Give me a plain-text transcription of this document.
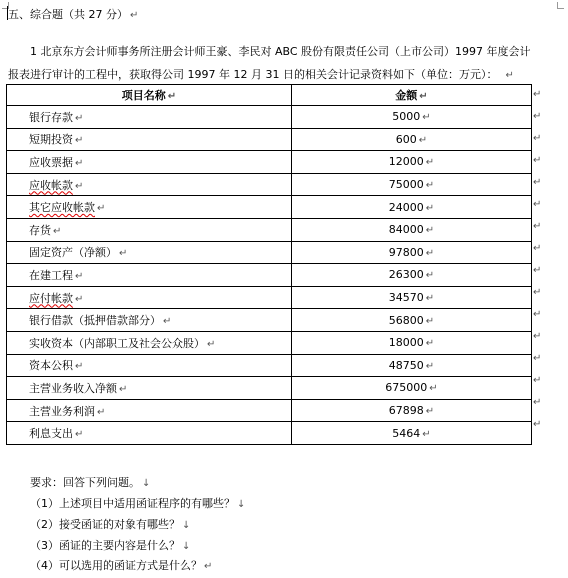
五、综合题（共 27 分） ↵
1 北京东方会计师事务所注册会计师王豪、李民对 ABC 股份有限责任公司（上市公司）1997 年度会计
报表进行审计的工程中，获取得公司 1997 年 12 月 31 日的相关会计记录资料如下（单位：万元）： ↵
项目名称 ↵	金额 ↵
银行存款 ↵	5000 ↵
短期投资 ↵	600 ↵
应收票据 ↵	12000 ↵
应收帐款 ↵	75000 ↵
其它应收帐款 ↵	24000 ↵
存货 ↵	84000 ↵
固定资产（净额） ↵	97800 ↵
在建工程 ↵	26300 ↵
应付帐款 ↵	34570 ↵
银行借款（抵押借款部分） ↵	56800 ↵
实收资本（内部职工及社会公众股） ↵	18000 ↵
资本公积 ↵	48750 ↵
主营业务收入净额 ↵	675000 ↵
主营业务利润 ↵	67898 ↵
利息支出 ↵	5464 ↵
↵
↵
↵
↵
↵
↵
↵
↵
↵
↵
↵
↵
↵
↵
↵
↵
要求：回答下列问题。 ↓
（1）上述项目中适用函证程序的有哪些？ ↓
（2）接受函证的对象有哪些？ ↓
（3）函证的主要内容是什么？ ↓
（4）可以选用的函证方式是什么？ ↵
